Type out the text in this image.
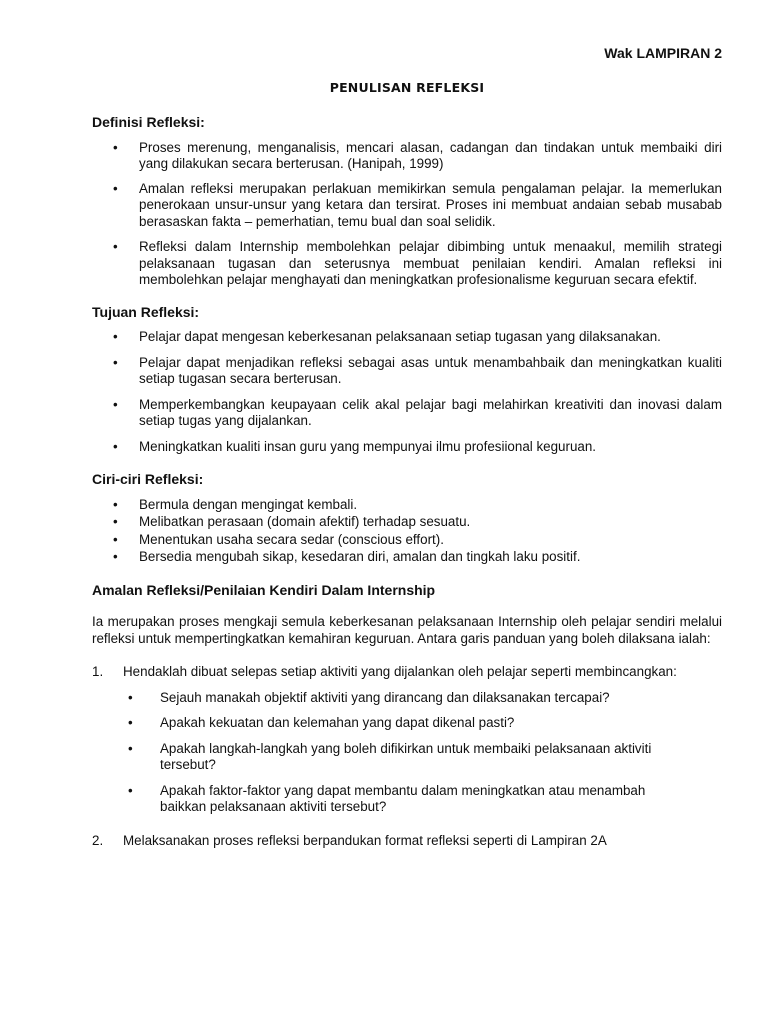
Wak LAMPIRAN 2
PENULISAN REFLEKSI

Definisi Refleksi:

• Proses merenung, menganalisis, mencari alasan, cadangan dan tindakan untuk membaiki diri yang dilakukan secara berterusan. (Hanipah, 1999)
• Amalan refleksi merupakan perlakuan memikirkan semula pengalaman pelajar. Ia memerlukan penerokaan unsur-unsur yang ketara dan tersirat. Proses ini membuat andaian sebab musabab berasaskan fakta – pemerhatian, temu bual dan soal selidik.
• Refleksi dalam Internship membolehkan pelajar dibimbing untuk menaakul, memilih strategi pelaksanaan tugasan dan seterusnya membuat penilaian kendiri. Amalan refleksi ini membolehkan pelajar menghayati dan meningkatkan profesionalisme keguruan secara efektif.

Tujuan Refleksi:

• Pelajar dapat mengesan keberkesanan pelaksanaan setiap tugasan yang dilaksanakan.
• Pelajar dapat menjadikan refleksi sebagai asas untuk menambahbaik dan meningkatkan kualiti setiap tugasan secara berterusan.
• Memperkembangkan keupayaan celik akal pelajar bagi melahirkan kreativiti dan inovasi dalam setiap tugas yang dijalankan.
• Meningkatkan kualiti insan guru yang mempunyai ilmu profesiional keguruan.

Ciri-ciri Refleksi:

• Bermula dengan mengingat kembali.
• Melibatkan perasaan (domain afektif) terhadap sesuatu.
• Menentukan usaha secara sedar (conscious effort).
• Bersedia mengubah sikap, kesedaran diri, amalan dan tingkah laku positif.

Amalan Refleksi/Penilaian Kendiri Dalam Internship

Ia merupakan proses mengkaji semula keberkesanan pelaksanaan Internship oleh pelajar sendiri melalui refleksi untuk mempertingkatkan kemahiran keguruan. Antara garis panduan yang boleh dilaksana ialah:

1. Hendaklah dibuat selepas setiap aktiviti yang dijalankan oleh pelajar seperti membincangkan:
• Sejauh manakah objektif aktiviti yang dirancang dan dilaksanakan tercapai?
• Apakah kekuatan dan kelemahan yang dapat dikenal pasti?
• Apakah langkah-langkah yang boleh difikirkan untuk membaiki pelaksanaan aktiviti tersebut?
• Apakah faktor-faktor yang dapat membantu dalam meningkatkan atau menambah baikkan pelaksanaan aktiviti tersebut?
2. Melaksanakan proses refleksi berpandukan format refleksi seperti di Lampiran 2A
